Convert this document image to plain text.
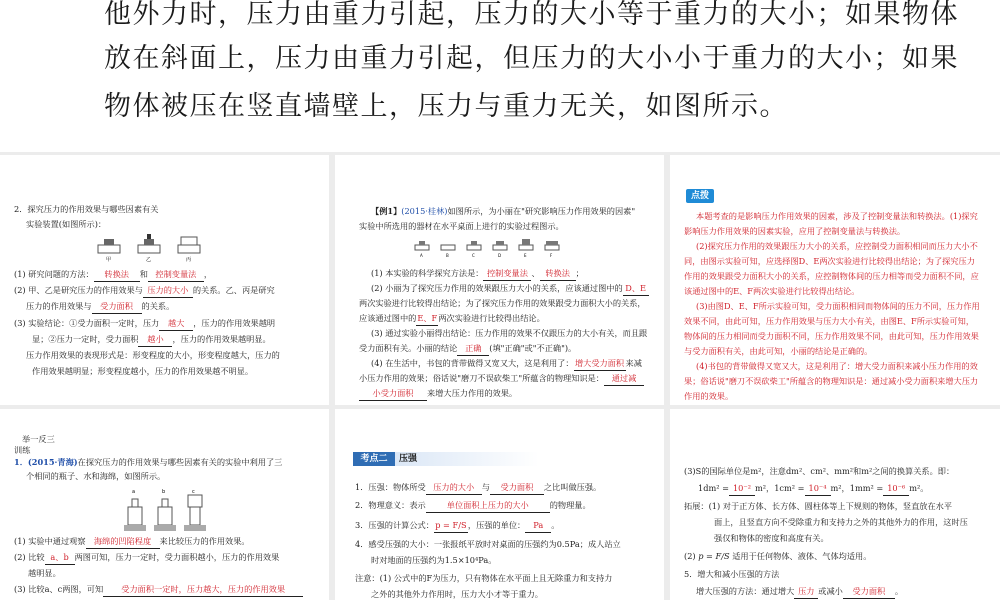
他外力时，压力由重力引起，压力的大小等于重力的大小；如果物体

放在斜面上，压力由重力引起，但压力的大小小于重力的大小；如果

物体被压在竖直墙壁上，压力与重力无关，如图所示。

2．探究压力的作用效果与哪些因素有关
实验装置(如图所示)：
甲	乙	丙
(1) 研究问题的方法： 转换法 和 控制变量法 ，
(2) 甲、乙是研究压力的作用效果与 压力的大小 的关系。乙、丙是研究
压力的作用效果与 受力面积 的关系。
(3) 实验结论：①受力面积一定时，压力 越大 ，压力的作用效果越明
显；②压力一定时，受力面积 越小 ，压力的作用效果越明显。
压力作用效果的表现形式是：形变程度的大小，形变程度越大，压力的
作用效果越明显；形变程度越小，压力的作用效果越不明显。
【例1】(2015·桂林)如图所示，为小丽在"研究影响压力作用效果的因素"
实验中所选用的器材在水平桌面上进行的实验过程图示。
A	B	C	D	E	F
(1) 本实验的科学探究方法是： 控制变量法 、 转换法 ；
(2) 小丽为了探究压力作用的效果跟压力大小的关系，应该通过图中的 D、E
两次实验进行比较得出结论；为了探究压力作用的效果跟受力面积大小的关系，
应该通过图中的E、F两次实验进行比较得出结论。
(3) 通过实验小丽得出结论：压力作用的效果不仅跟压力的大小有关，而且跟
受力面积有关。小丽的结论 正确 (填"正确"或"不正确")。
(4) 在生活中，书包的背带做得又宽又大，这是利用了：增大受力面积来减
小压力作用的效果；俗话说"磨刀不误砍柴工"所蕴含的物理知识是： 通过减
小受力面积 来增大压力作用的效果。
点拨
本题考查的是影响压力作用效果的因素，涉及了控制变量法和转换法。(1)探究
影响压力作用效果的因素实验，应用了控制变量法与转换法。
(2)探究压力作用的效果跟压力大小的关系，应控制受力面积相同而压力大小不
同，由图示实验可知，应选择图D、E两次实验进行比较得出结论；为了探究压力
作用的效果跟受力面积大小的关系，应控制物体间的压力相等而受力面积不同，应
该通过图中的E、F两次实验进行比较得出结论。
(3)由图D、E、F所示实验可知，受力面积相同而物体间的压力不同，压力作用
效果不同，由此可知，压力作用效果与压力大小有关，由图E、F所示实验可知，
物体间的压力相同而受力面积不同，压力作用效果不同，由此可知，压力作用效果
与受力面积有关，由此可知，小丽的结论是正确的。
(4)书包的背带做得又宽又大，这是利用了：增大受力面积来减小压力作用的效
果；俗话说"磨刀不误砍柴工"所蕴含的物理知识是：通过减小受力面积来增大压力
作用的效果。
举一反三
训练
1．(2015·青海)在探究压力的作用效果与哪些因素有关的实验中利用了三
个相同的瓶子、水和海绵，如图所示。
a	b	c
(1) 实验中通过观察 海绵的凹陷程度 来比较压力的作用效果。
(2) 比较 a、b 两图可知，压力一定时，受力面积越小，压力的作用效果
越明显。
(3) 比较a、c两图，可知 受力面积一定时，压力越大，压力的作用效果
考点二	压强
1．压强：物体所受 压力的大小 与 受力面积 之比叫做压强。
2．物理意义：表示	单位面积上压力的大小	的物理量。
3．压强的计算公式：p = F/S，压强的单位： Pa 。
4．感受压强的大小：一张报纸平放时对桌面的压强约为0.5Pa；成人站立
时对地面的压强约为1.5×10⁴Pa。
注意：(1) 公式中的F为压力，只有物体在水平面上且无除重力和支持力
之外的其他外力作用时，压力大小才等于重力。
(3)S的国际单位是m²，注意dm²、cm²、mm²和m²之间的换算关系。即：
1dm² = 10⁻² m²，1cm² = 10⁻⁴ m²，1mm² = 10⁻⁶ m²。
拓展：(1) 对于正方体、长方体、圆柱体等上下规则的物体，竖直放在水平
面上，且竖直方向不受除重力和支持力之外的其他外力的作用，这时压
强仅和物体的密度和高度有关。
(2) p = F/S 适用于任何物体、液体、气体均适用。
5．增大和减小压强的方法
增大压强的方法：通过增大 压力 或减小 受力面积 。
